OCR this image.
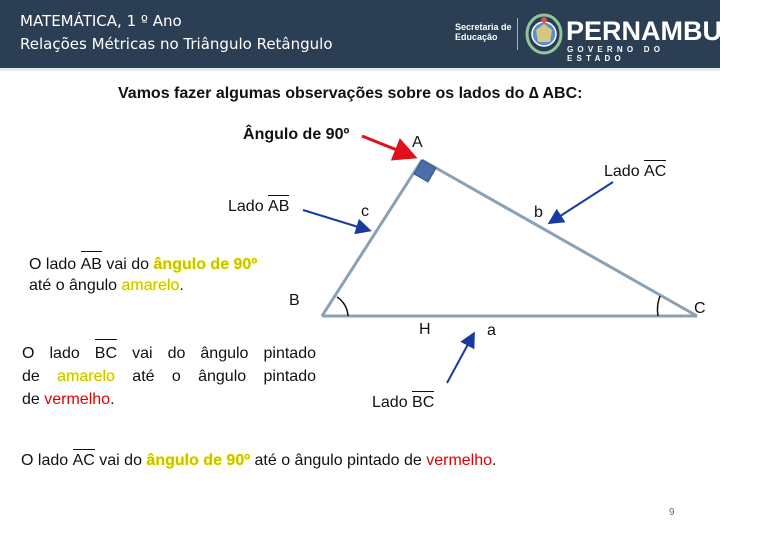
MATEMÁTICA, 1 º Ano
Relações Métricas no Triângulo Retângulo
Secretaria de
Educação	PERNAMBUCO
GOVERNO DO ESTADO
Vamos fazer algumas observações sobre os lados do ∆ ABC:
Ângulo de 90º	A
B	C
H
c	b
a
Lado AC
Lado AB
Lado BC
O lado AB vai do ângulo de 90º
até o ângulo amarelo.
O lado BC vai do ângulo pintado
de amarelo até o ângulo pintado
de vermelho.
O lado AC vai do ângulo de 90º até o ângulo pintado de vermelho.
9
